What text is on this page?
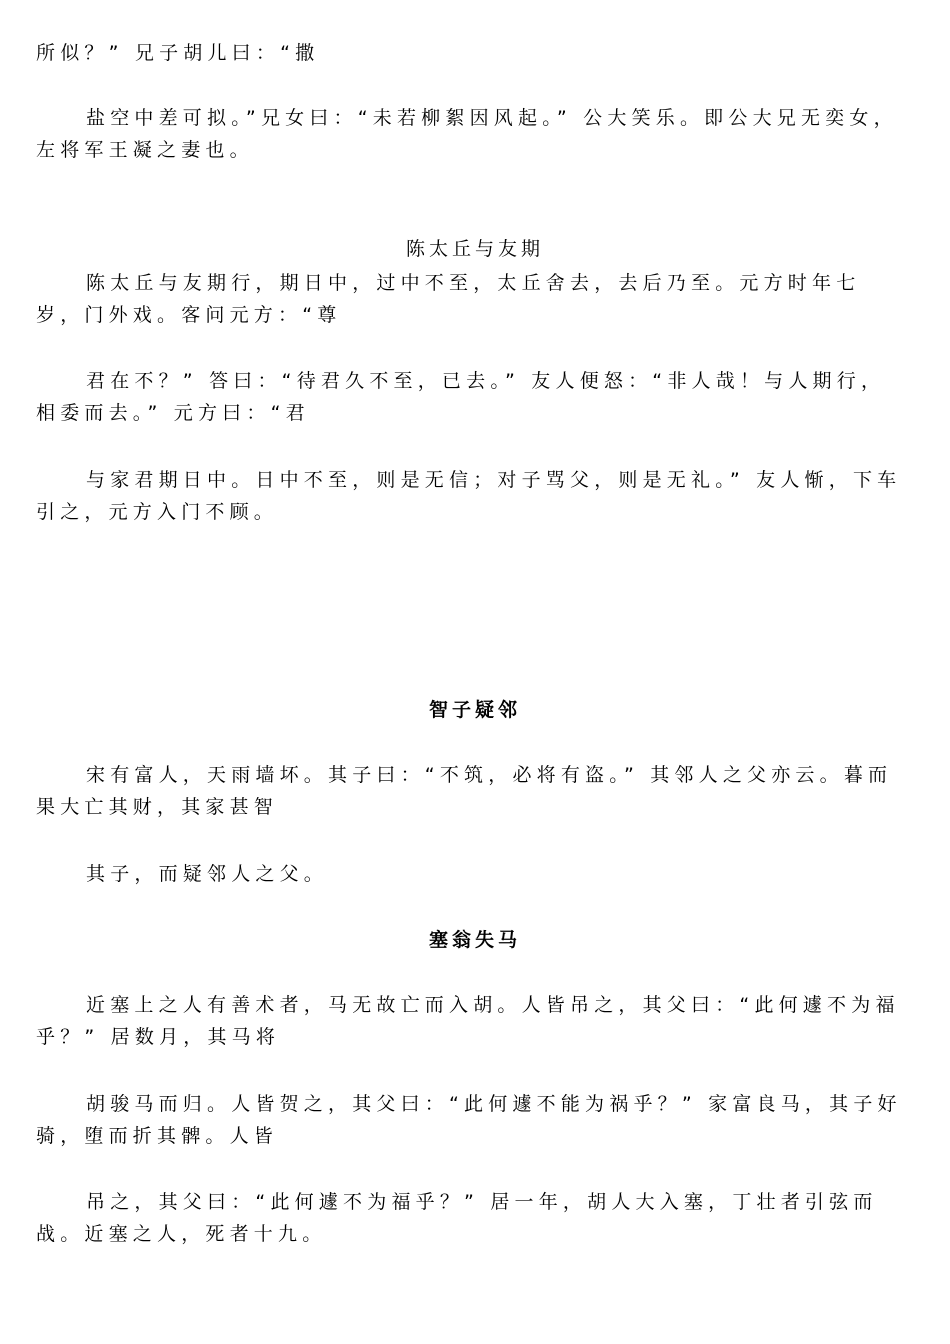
所似？” 兄子胡儿曰：“撒

盐空中差可拟。”兄女曰：“未若柳絮因风起。” 公大笑乐。即公大兄无奕女，左将军王凝之妻也。

陈太丘与友期

陈太丘与友期行，期日中，过中不至，太丘舍去，去后乃至。元方时年七岁，门外戏。客问元方：“尊

君在不？” 答曰：“待君久不至，已去。” 友人便怒：“非人哉！与人期行，相委而去。” 元方曰：“君

与家君期日中。日中不至，则是无信；对子骂父，则是无礼。” 友人惭，下车引之，元方入门不顾。

智子疑邻

宋有富人，天雨墙坏。其子曰：“不筑，必将有盗。” 其邻人之父亦云。暮而果大亡其财，其家甚智

其子，而疑邻人之父。

塞翁失马

近塞上之人有善术者，马无故亡而入胡。人皆吊之，其父曰：“此何遽不为福乎？” 居数月，其马将

胡骏马而归。人皆贺之，其父曰：“此何遽不能为祸乎？” 家富良马，其子好骑，堕而折其髀。人皆

吊之，其父曰：“此何遽不为福乎？” 居一年，胡人大入塞，丁壮者引弦而战。近塞之人，死者十九。
